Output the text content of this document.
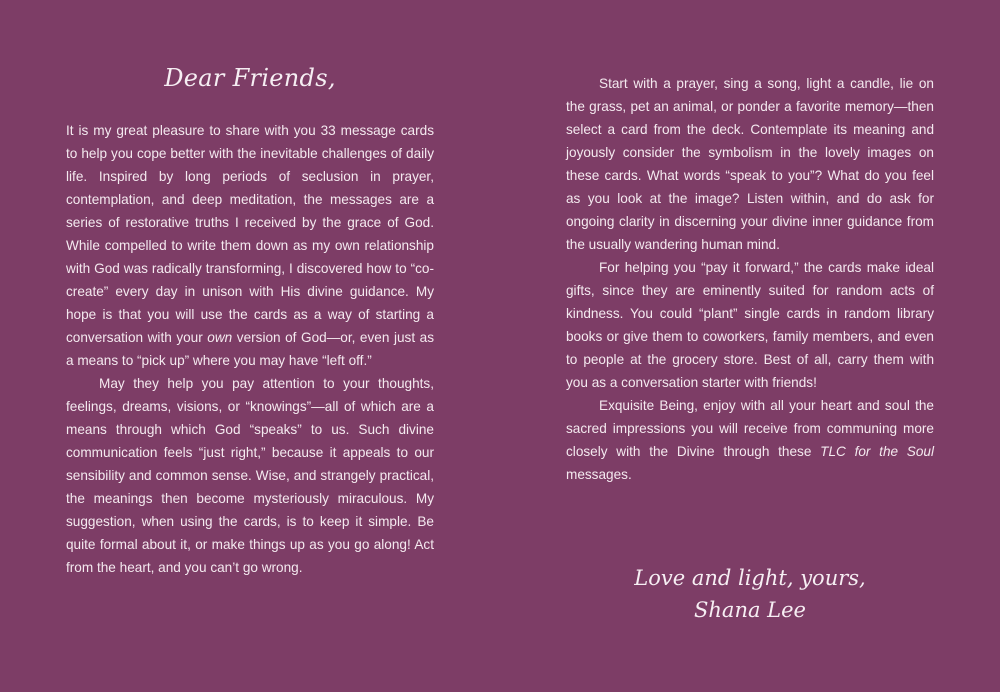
Dear Friends,

It is my great pleasure to share with you 33 message cards to help you cope better with the inevitable challenges of daily life. Inspired by long periods of seclusion in prayer, contemplation, and deep meditation, the messages are a series of restorative truths I received by the grace of God. While compelled to write them down as my own relationship with God was radically transforming, I discovered how to “co-create” every day in unison with His divine guidance. My hope is that you will use the cards as a way of starting a conversation with your own version of God—or, even just as a means to “pick up” where you may have “left off.”

May they help you pay attention to your thoughts, feelings, dreams, visions, or “knowings”—all of which are a means through which God “speaks” to us. Such divine communication feels “just right,” because it appeals to our sensibility and common sense. Wise, and strangely practical, the meanings then become mysteriously miraculous. My suggestion, when using the cards, is to keep it simple. Be quite formal about it, or make things up as you go along! Act from the heart, and you can’t go wrong.

Start with a prayer, sing a song, light a candle, lie on the grass, pet an animal, or ponder a favorite memory—then select a card from the deck. Contemplate its meaning and joyously consider the symbolism in the lovely images on these cards. What words “speak to you”? What do you feel as you look at the image? Listen within, and do ask for ongoing clarity in discerning your divine inner guidance from the usually wandering human mind.

For helping you “pay it forward,” the cards make ideal gifts, since they are eminently suited for random acts of kindness. You could “plant” single cards in random library books or give them to coworkers, family members, and even to people at the grocery store. Best of all, carry them with you as a conversation starter with friends!

Exquisite Being, enjoy with all your heart and soul the sacred impressions you will receive from communing more closely with the Divine through these TLC for the Soul messages.

Love and light, yours,
Shana Lee
